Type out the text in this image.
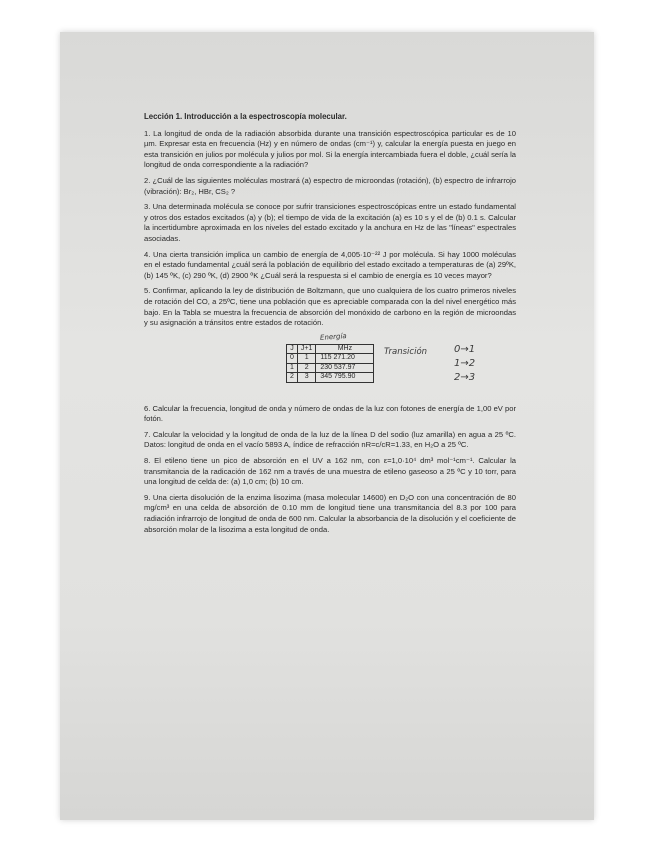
Lección 1. Introducción a la espectroscopía molecular.

1. La longitud de onda de la radiación absorbida durante una transición espectroscópica particular es de 10 µm. Expresar esta en frecuencia (Hz) y en número de ondas (cm⁻¹) y, calcular la energía puesta en juego en esta transición en julios por molécula y julios por mol. Si la energía intercambiada fuera el doble, ¿cuál sería la longitud de onda correspondiente a la radiación?

2. ¿Cuál de las siguientes moléculas mostrará (a) espectro de microondas (rotación), (b) espectro de infrarrojo (vibración): Br₂, HBr, CS₂ ?

3. Una determinada molécula se conoce por sufrir transiciones espectroscópicas entre un estado fundamental y otros dos estados excitados (a) y (b); el tiempo de vida de la excitación (a) es 10 s y el de (b) 0.1 s. Calcular la incertidumbre aproximada en los niveles del estado excitado y la anchura en Hz de las "líneas" espectrales asociadas.

4. Una cierta transición implica un cambio de energía de 4,005·10⁻²² J por molécula. Si hay 1000 moléculas en el estado fundamental ¿cuál será la población de equilibrio del estado excitado a temperaturas de (a) 29ºK, (b) 145 ºK, (c) 290 ºK, (d) 2900 ºK ¿Cuál será la respuesta si el cambio de energía es 10 veces mayor?

5. Confirmar, aplicando la ley de distribución de Boltzmann, que uno cualquiera de los cuatro primeros niveles de rotación del CO, a 25ºC, tiene una población que es apreciable comparada con la del nivel energético más bajo. En la Tabla se muestra la frecuencia de absorción del monóxido de carbono en la región de microondas y su asignación a tránsitos entre estados de rotación.

Energía
J	J+1	MHz
0	1	115 271.20
1	2	230 537.97
2	3	345 795.90
Transición	0→1
1→2
2→3

6. Calcular la frecuencia, longitud de onda y número de ondas de la luz con fotones de energía de 1,00 eV por fotón.

7. Calcular la velocidad y la longitud de onda de la luz de la línea D del sodio (luz amarilla) en agua a 25 ºC. Datos: longitud de onda en el vacío 5893 A, índice de refracción nR=c/cR=1.33, en H₂O a 25 ºC.

8. El etileno tiene un pico de absorción en el UV a 162 nm, con ε=1,0·10⁴ dm³ mol⁻¹cm⁻¹. Calcular la transmitancia de la radicación de 162 nm a través de una muestra de etileno gaseoso a 25 ºC y 10 torr, para una longitud de celda de: (a) 1,0 cm; (b) 10 cm.

9. Una cierta disolución de la enzima lisozima (masa molecular 14600) en D₂O con una concentración de 80 mg/cm³ en una celda de absorción de 0.10 mm de longitud tiene una transmitancia del 8.3 por 100 para radiación infrarrojo de longitud de onda de 600 nm. Calcular la absorbancia de la disolución y el coeficiente de absorción molar de la lisozima a esta longitud de onda.
